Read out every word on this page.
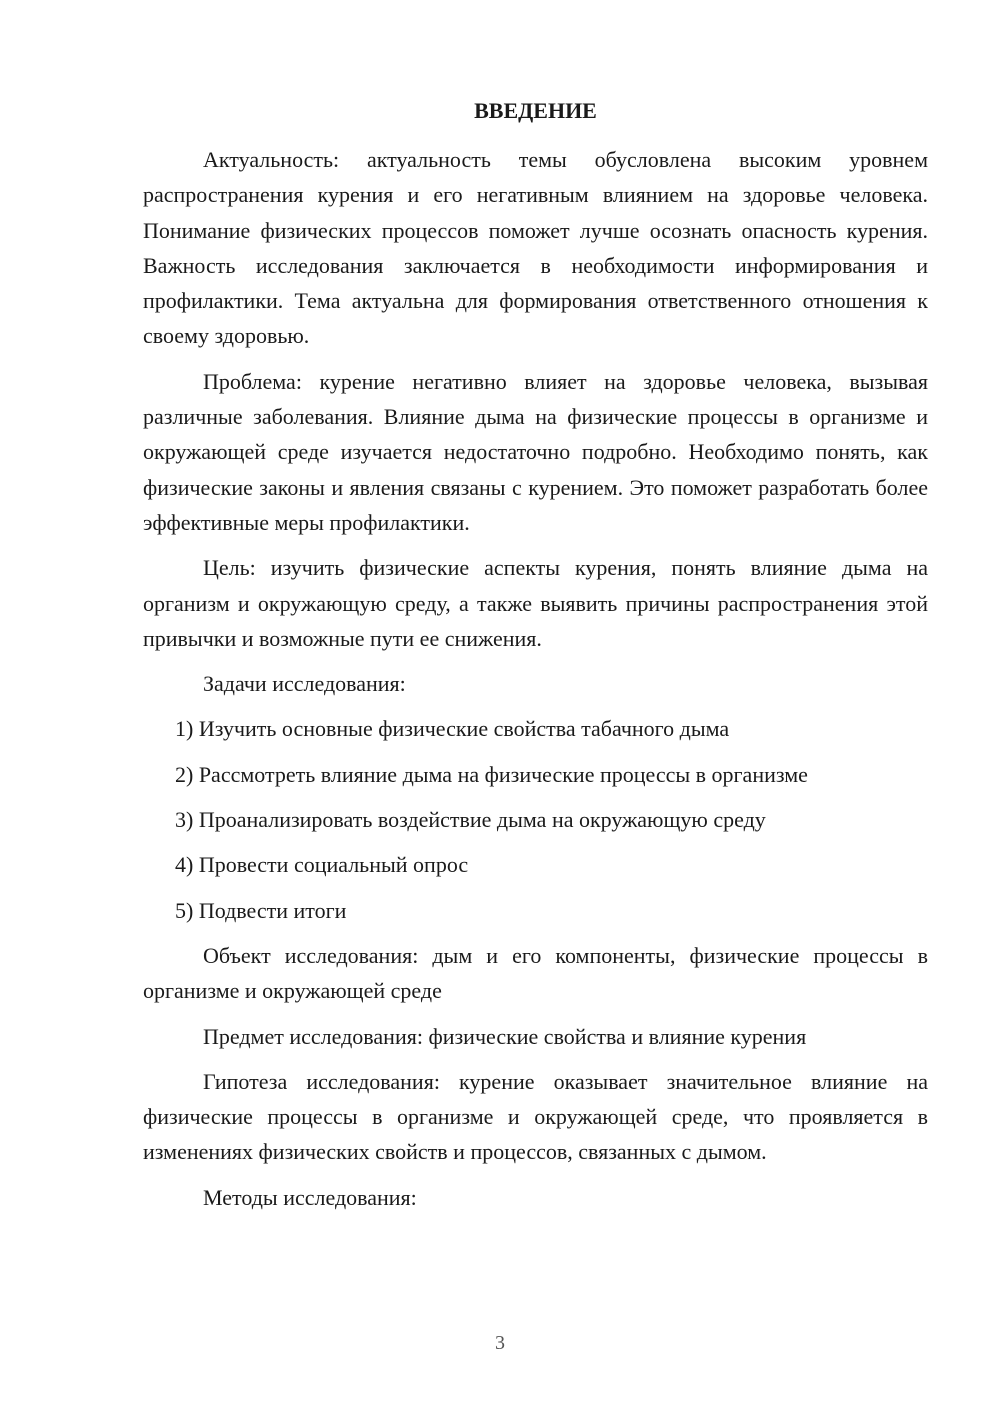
ВВЕДЕНИЕ

Актуальность: актуальность темы обусловлена высоким уровнем распространения курения и его негативным влиянием на здоровье человека. Понимание физических процессов поможет лучше осознать опасность курения. Важность исследования заключается в необходимости информирования и профилактики. Тема актуальна для формирования ответственного отношения к своему здоровью.

Проблема: курение негативно влияет на здоровье человека, вызывая различные заболевания. Влияние дыма на физические процессы в организме и окружающей среде изучается недостаточно подробно. Необходимо понять, как физические законы и явления связаны с курением. Это поможет разработать более эффективные меры профилактики.

Цель: изучить физические аспекты курения, понять влияние дыма на организм и окружающую среду, а также выявить причины распространения этой привычки и возможные пути ее снижения.

Задачи исследования:

1) Изучить основные физические свойства табачного дыма

2) Рассмотреть влияние дыма на физические процессы в организме

3) Проанализировать воздействие дыма на окружающую среду

4) Провести социальный опрос

5) Подвести итоги

Объект исследования: дым и его компоненты, физические процессы в организме и окружающей среде

Предмет исследования: физические свойства и влияние курения

Гипотеза исследования: курение оказывает значительное влияние на физические процессы в организме и окружающей среде, что проявляется в изменениях физических свойств и процессов, связанных с дымом.

Методы исследования:

3
